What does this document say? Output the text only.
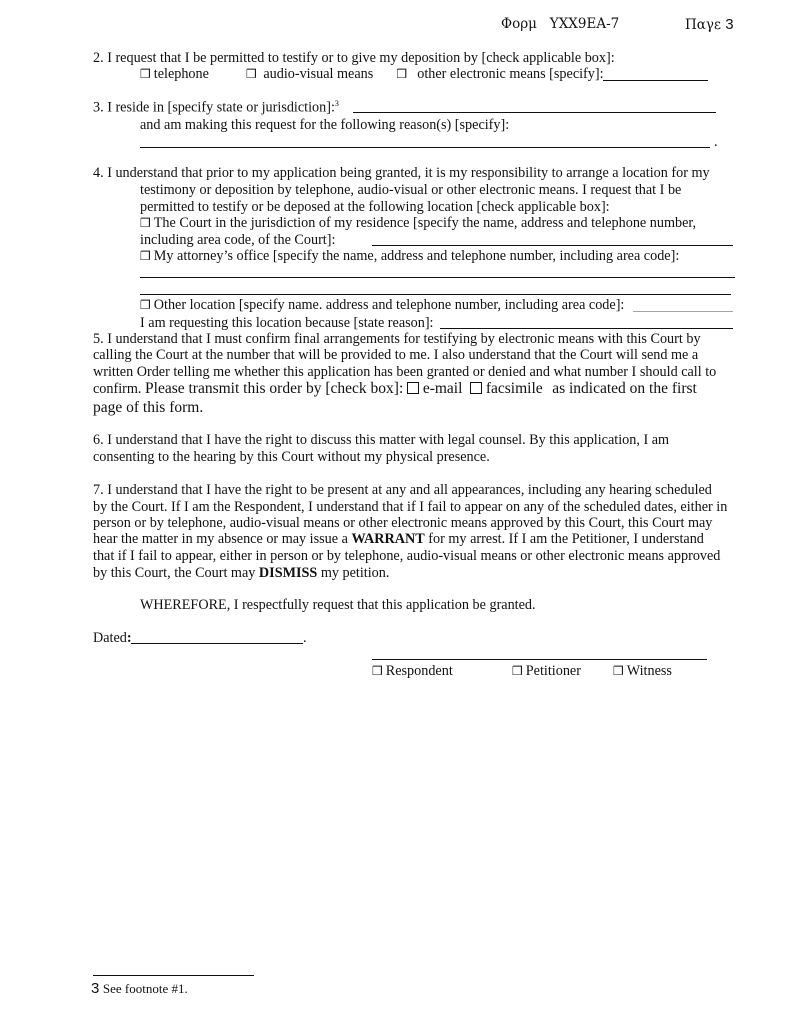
Φορμ YXX9EA-7	Παγε 3
2. I request that I be permitted to testify or to give my deposition by [check applicable box]:
❒ telephone	❒ audio-visual means ❒ other electronic means [specify]:
3. I reside in [specify state or jurisdiction]:$^3$
and am making this request for the following reason(s) [specify]:
.
4. I understand that prior to my application being granted, it is my responsibility to arrange a location for my
testimony or deposition by telephone, audio-visual or other electronic means. I request that I be
permitted to testify or be deposed at the following location [check applicable box]:
❒ The Court in the jurisdiction of my residence [specify the name, address and telephone number,
including area code, of the Court]:
❒ My attorney’s office [specify the name, address and telephone number, including area code]:
❒ Other location [specify name. address and telephone number, including area code]:
I am requesting this location because [state reason]:
5. I understand that I must confirm final arrangements for testifying by electronic means with this Court by
calling the Court at the number that will be provided to me. I also understand that the Court will send me a
written Order telling me whether this application has been granted or denied and what number I should call to
confirm. Please transmit this order by [check box]: e-mail facsimile as indicated on the first
page of this form.
6. I understand that I have the right to discuss this matter with legal counsel. By this application, I am
consenting to the hearing by this Court without my physical presence.
7. I understand that I have the right to be present at any and all appearances, including any hearing scheduled
by the Court. If I am the Respondent, I understand that if I fail to appear on any of the scheduled dates, either in
person or by telephone, audio-visual means or other electronic means approved by this Court, this Court may
hear the matter in my absence or may issue a WARRANT for my arrest. If I am the Petitioner, I understand
that if I fail to appear, either in person or by telephone, audio-visual means or other electronic means approved
by this Court, the Court may DISMISS my petition.
WHEREFORE, I respectfully request that this application be granted.
Dated:	.
❒ Respondent	❒ Petitioner	❒ Witness
3 See footnote #1.
